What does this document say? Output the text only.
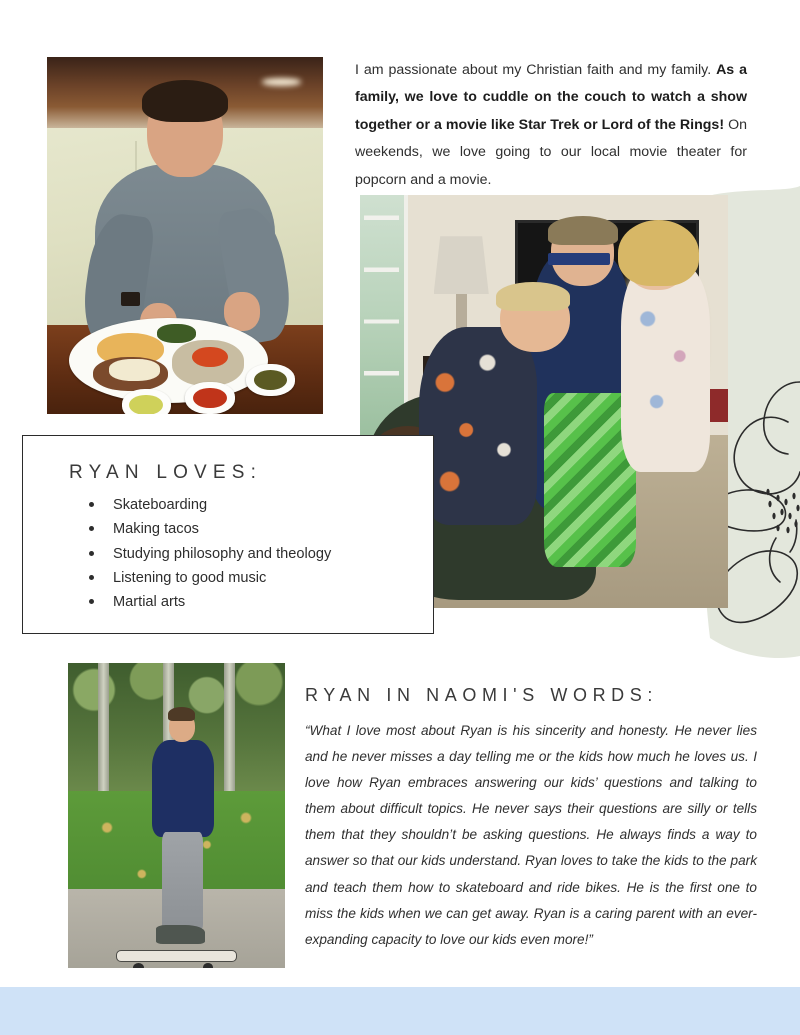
I am passionate about my Christian faith and my family. As a family, we love to cuddle on the couch to watch a show together or a movie like Star Trek or Lord of the Rings! On weekends, we love going to our local movie theater for popcorn and a movie.

RYAN LOVES:
Skateboarding
Making tacos
Studying philosophy and theology
Listening to good music
Martial arts
RYAN IN NAOMI'S WORDS:

“What I love most about Ryan is his sincerity and honesty. He never lies and he never misses a day telling me or the kids how much he loves us. I love how Ryan embraces answering our kids’ questions and talking to them about difficult topics. He never says their questions are silly or tells them that they shouldn’t be asking questions. He always finds a way to answer so that our kids understand. Ryan loves to take the kids to the park and teach them how to skateboard and ride bikes. He is the first one to miss the kids when we can get away. Ryan is a caring parent with an ever-expanding capacity to love our kids even more!”
